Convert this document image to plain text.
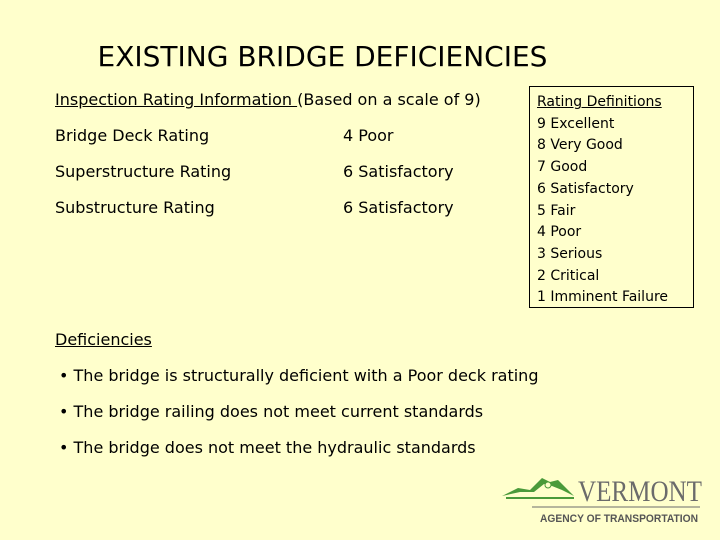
EXISTING BRIDGE DEFICIENCIES
Inspection Rating Information (Based on a scale of 9)
Bridge Deck Rating	4 Poor
Superstructure Rating	6 Satisfactory
Substructure Rating	6 Satisfactory
Rating Definitions
9 Excellent
8 Very Good
7 Good
6 Satisfactory
5 Fair
4 Poor
3 Serious
2 Critical
1 Imminent Failure
Deficiencies
• The bridge is structurally deficient with a Poor deck rating
• The bridge railing does not meet current standards
• The bridge does not meet the hydraulic standards
VERMONT
AGENCY OF TRANSPORTATION
